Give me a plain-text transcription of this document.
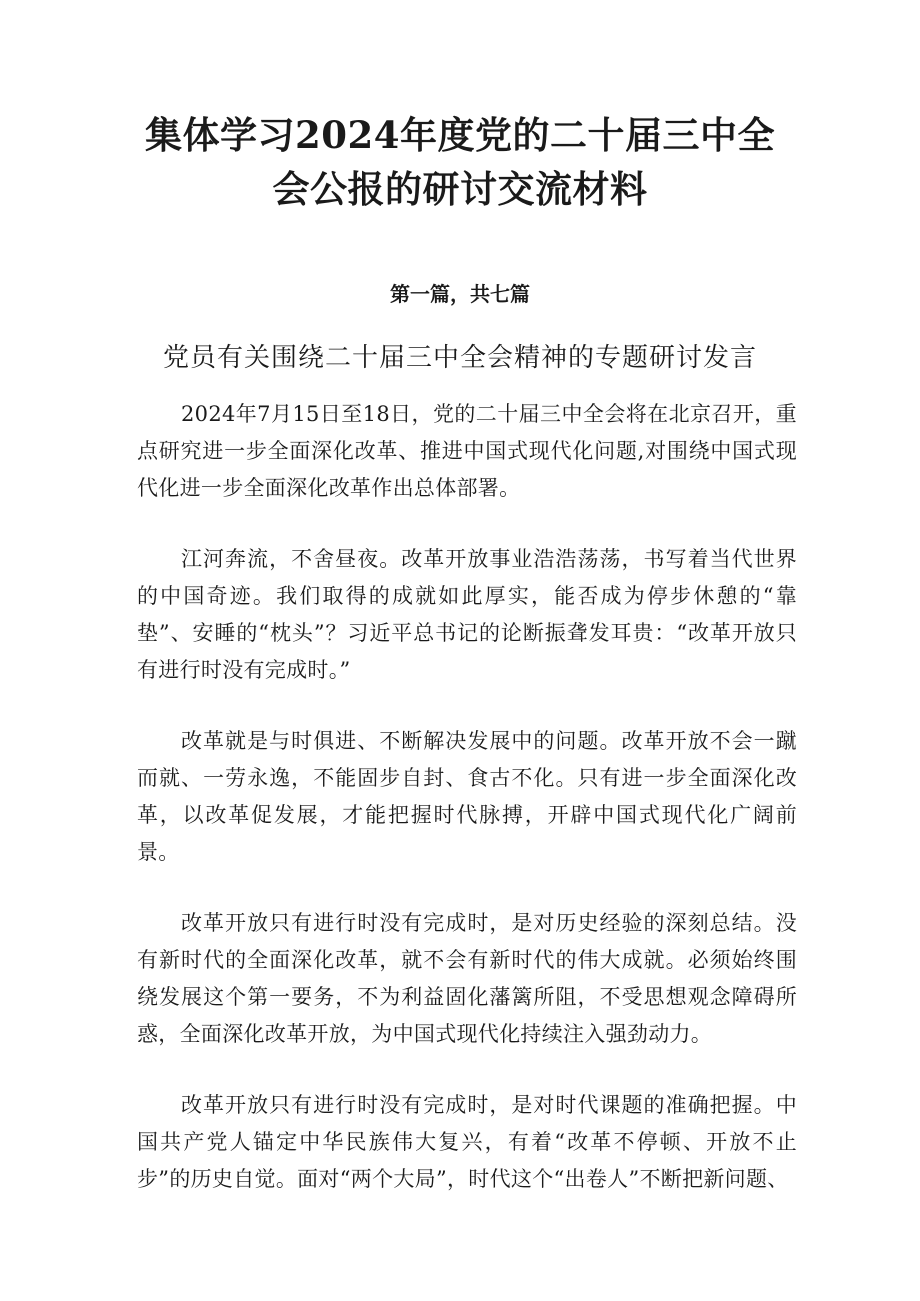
集体学习2024年度党的二十届三中全会公报的研讨交流材料
第一篇，共七篇
党员有关围绕二十届三中全会精神的专题研讨发言

2024年7月15日至18日，党的二十届三中全会将在北京召开，重点研究进一步全面深化改革、推进中国式现代化问题,对围绕中国式现代化进一步全面深化改革作出总体部署。

江河奔流，不舍昼夜。改革开放事业浩浩荡荡，书写着当代世界的中国奇迹。我们取得的成就如此厚实，能否成为停步休憩的“靠垫”、安睡的“枕头”？习近平总书记的论断振聋发耳贵：“改革开放只有进行时没有完成时。”

改革就是与时俱进、不断解决发展中的问题。改革开放不会一蹴而就、一劳永逸，不能固步自封、食古不化。只有进一步全面深化改革，以改革促发展，才能把握时代脉搏，开辟中国式现代化广阔前景。

改革开放只有进行时没有完成时，是对历史经验的深刻总结。没有新时代的全面深化改革，就不会有新时代的伟大成就。必须始终围绕发展这个第一要务，不为利益固化藩篱所阻，不受思想观念障碍所惑，全面深化改革开放，为中国式现代化持续注入强劲动力。

改革开放只有进行时没有完成时，是对时代课题的准确把握。中国共产党人锚定中华民族伟大复兴，有着“改革不停顿、开放不止步”的历史自觉。面对“两个大局”，时代这个“出卷人”不断把新问题、
